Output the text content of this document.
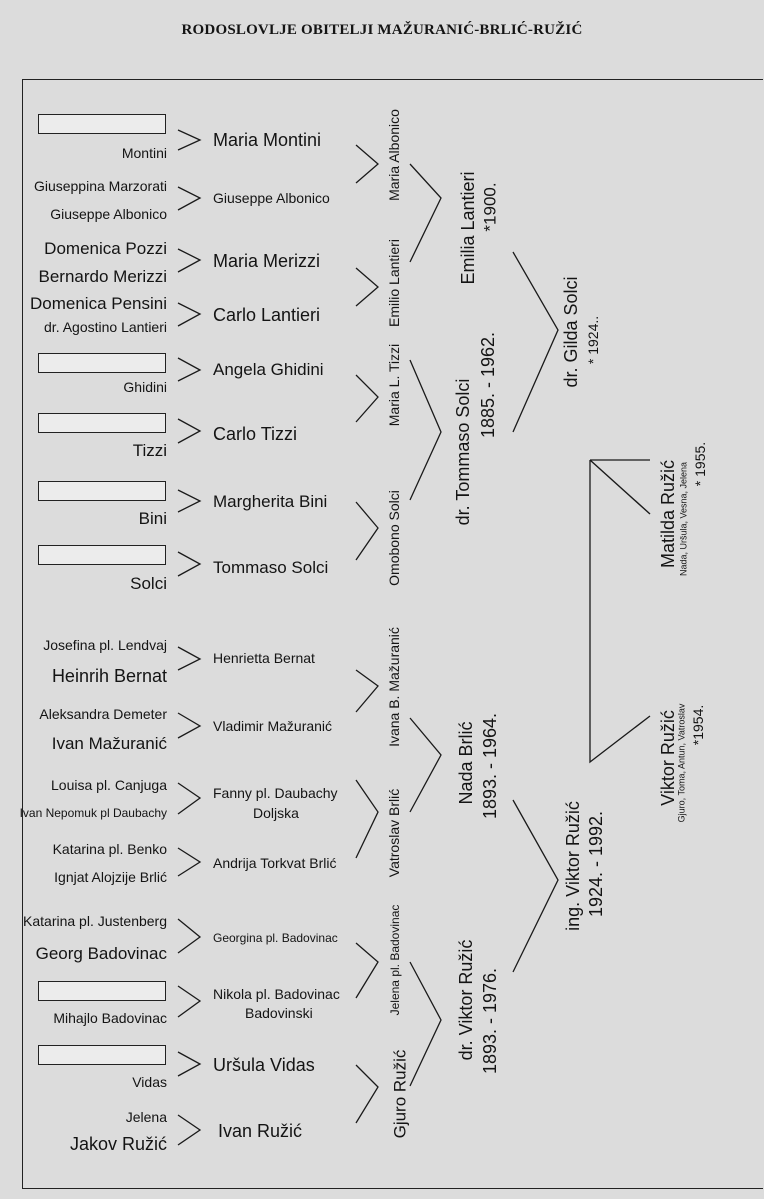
RODOSLOVLJE OBITELJI MAŽURANIĆ-BRLIĆ-RUŽIĆ
Montini
Giuseppina Marzorati
Giuseppe Albonico
Domenica Pozzi
Bernardo Merizzi
Domenica Pensini
dr. Agostino Lantieri
Ghidini
Tizzi
Bini
Solci
Josefina pl. Lendvaj
Heinrih Bernat
Aleksandra Demeter
Ivan Mažuranić
Louisa pl. Canjuga
Ivan Nepomuk pl Daubachy
Katarina pl. Benko
Ignjat Alojzije Brlić
Katarina pl. Justenberg
Georg Badovinac
Mihajlo Badovinac
Vidas
Jelena
Jakov Ružić
Maria Montini
Giuseppe Albonico
Maria Merizzi
Carlo Lantieri
Angela Ghidini
Carlo Tizzi
Margherita Bini
Tommaso Solci
Henrietta Bernat
Vladimir Mažuranić
Fanny pl. Daubachy
Doljska
Andrija Torkvat Brlić
Georgina pl. Badovinac
Nikola pl. Badovinac
Badovinski
Uršula Vidas
Ivan Ružić
Maria Albonico
Emilio Lantieri
Maria L. Tizzi
Omobono Solci
Ivana B. Mažuranić
Vatroslav Brlić
Jelena pl. Badovinac
Gjuro Ružić
Emilia Lantieri *1900.
dr. Tommaso Solci 1885. - 1962.
Nada Brlić 1893. - 1964.
dr. Viktor Ružić 1893. - 1976.
dr. Gilda Solci * 1924..
ing. Viktor Ružić 1924. - 1992.
Matilda Ružić Nada, Uršula, Vesna, Jelena * 1955.
Viktor Ružić
Gjuro, Toma, Antun, Vatroslav *1954.
